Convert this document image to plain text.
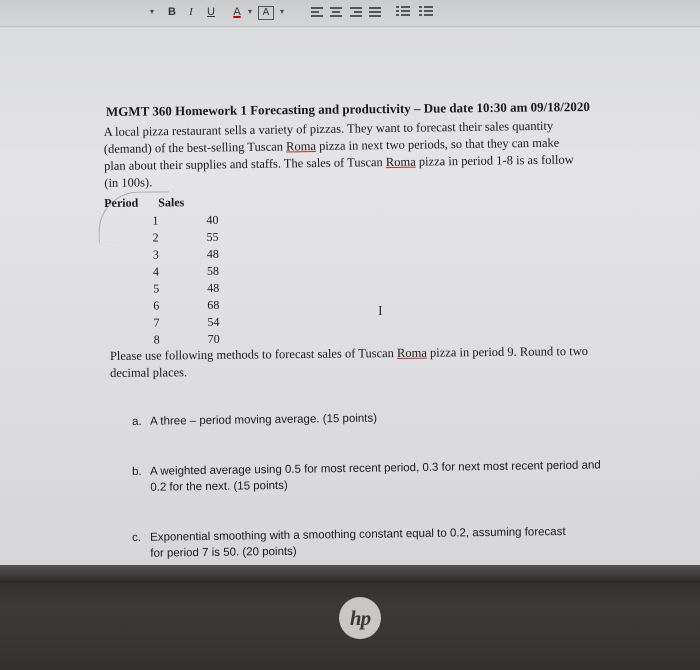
▾	B	I	U A ▾	A	▾
MGMT 360 Homework 1 Forecasting and productivity – Due date 10:30 am 09/18/2020

A local pizza restaurant sells a variety of pizzas. They want to forecast their sales quantity (demand) of the best-selling Tuscan Roma pizza in next two periods, so that they can make plan about their supplies and staffs. The sales of Tuscan Roma pizza in period 1-8 is as follow (in 100s).

Period Sales
1	40
2	55
3	48
4	58
5	48
6	68
7	54
8	70
I
Please use following methods to forecast sales of Tuscan Roma pizza in period 9. Round to two decimal places.
a. A three – period moving average. (15 points)
b. A weighted average using 0.5 for most recent period, 0.3 for next most recent period and 0.2 for the next. (15 points)
c. Exponential smoothing with a smoothing constant equal to 0.2, assuming forecast for period 7 is 50. (20 points)
hp
